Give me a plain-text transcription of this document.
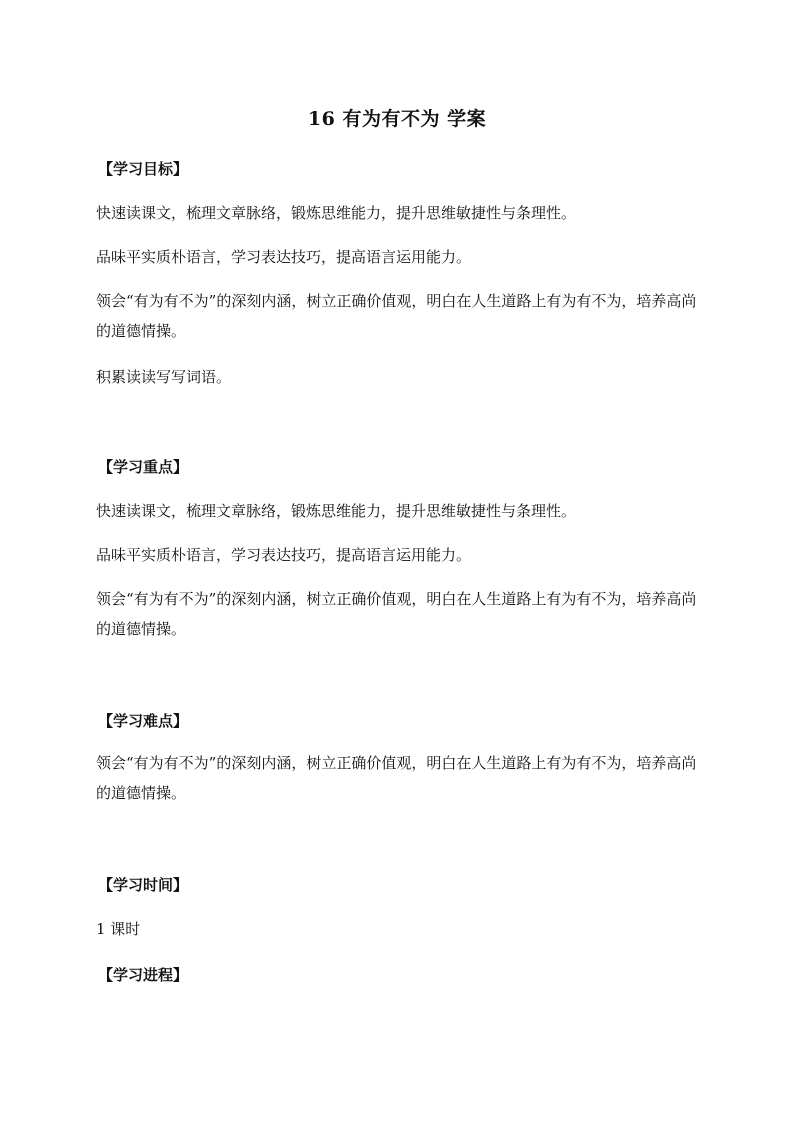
16 有为有不为 学案
【学习目标】
快速读课文，梳理文章脉络，锻炼思维能力，提升思维敏捷性与条理性。
品味平实质朴语言，学习表达技巧，提高语言运用能力。
领会“有为有不为”的深刻内涵，树立正确价值观，明白在人生道路上有为有不为，培养高尚的道德情操。
积累读读写写词语。
【学习重点】
快速读课文，梳理文章脉络，锻炼思维能力，提升思维敏捷性与条理性。
品味平实质朴语言，学习表达技巧，提高语言运用能力。
领会“有为有不为”的深刻内涵，树立正确价值观，明白在人生道路上有为有不为，培养高尚的道德情操。
【学习难点】
领会“有为有不为”的深刻内涵，树立正确价值观，明白在人生道路上有为有不为，培养高尚的道德情操。
【学习时间】
1 课时
【学习进程】
